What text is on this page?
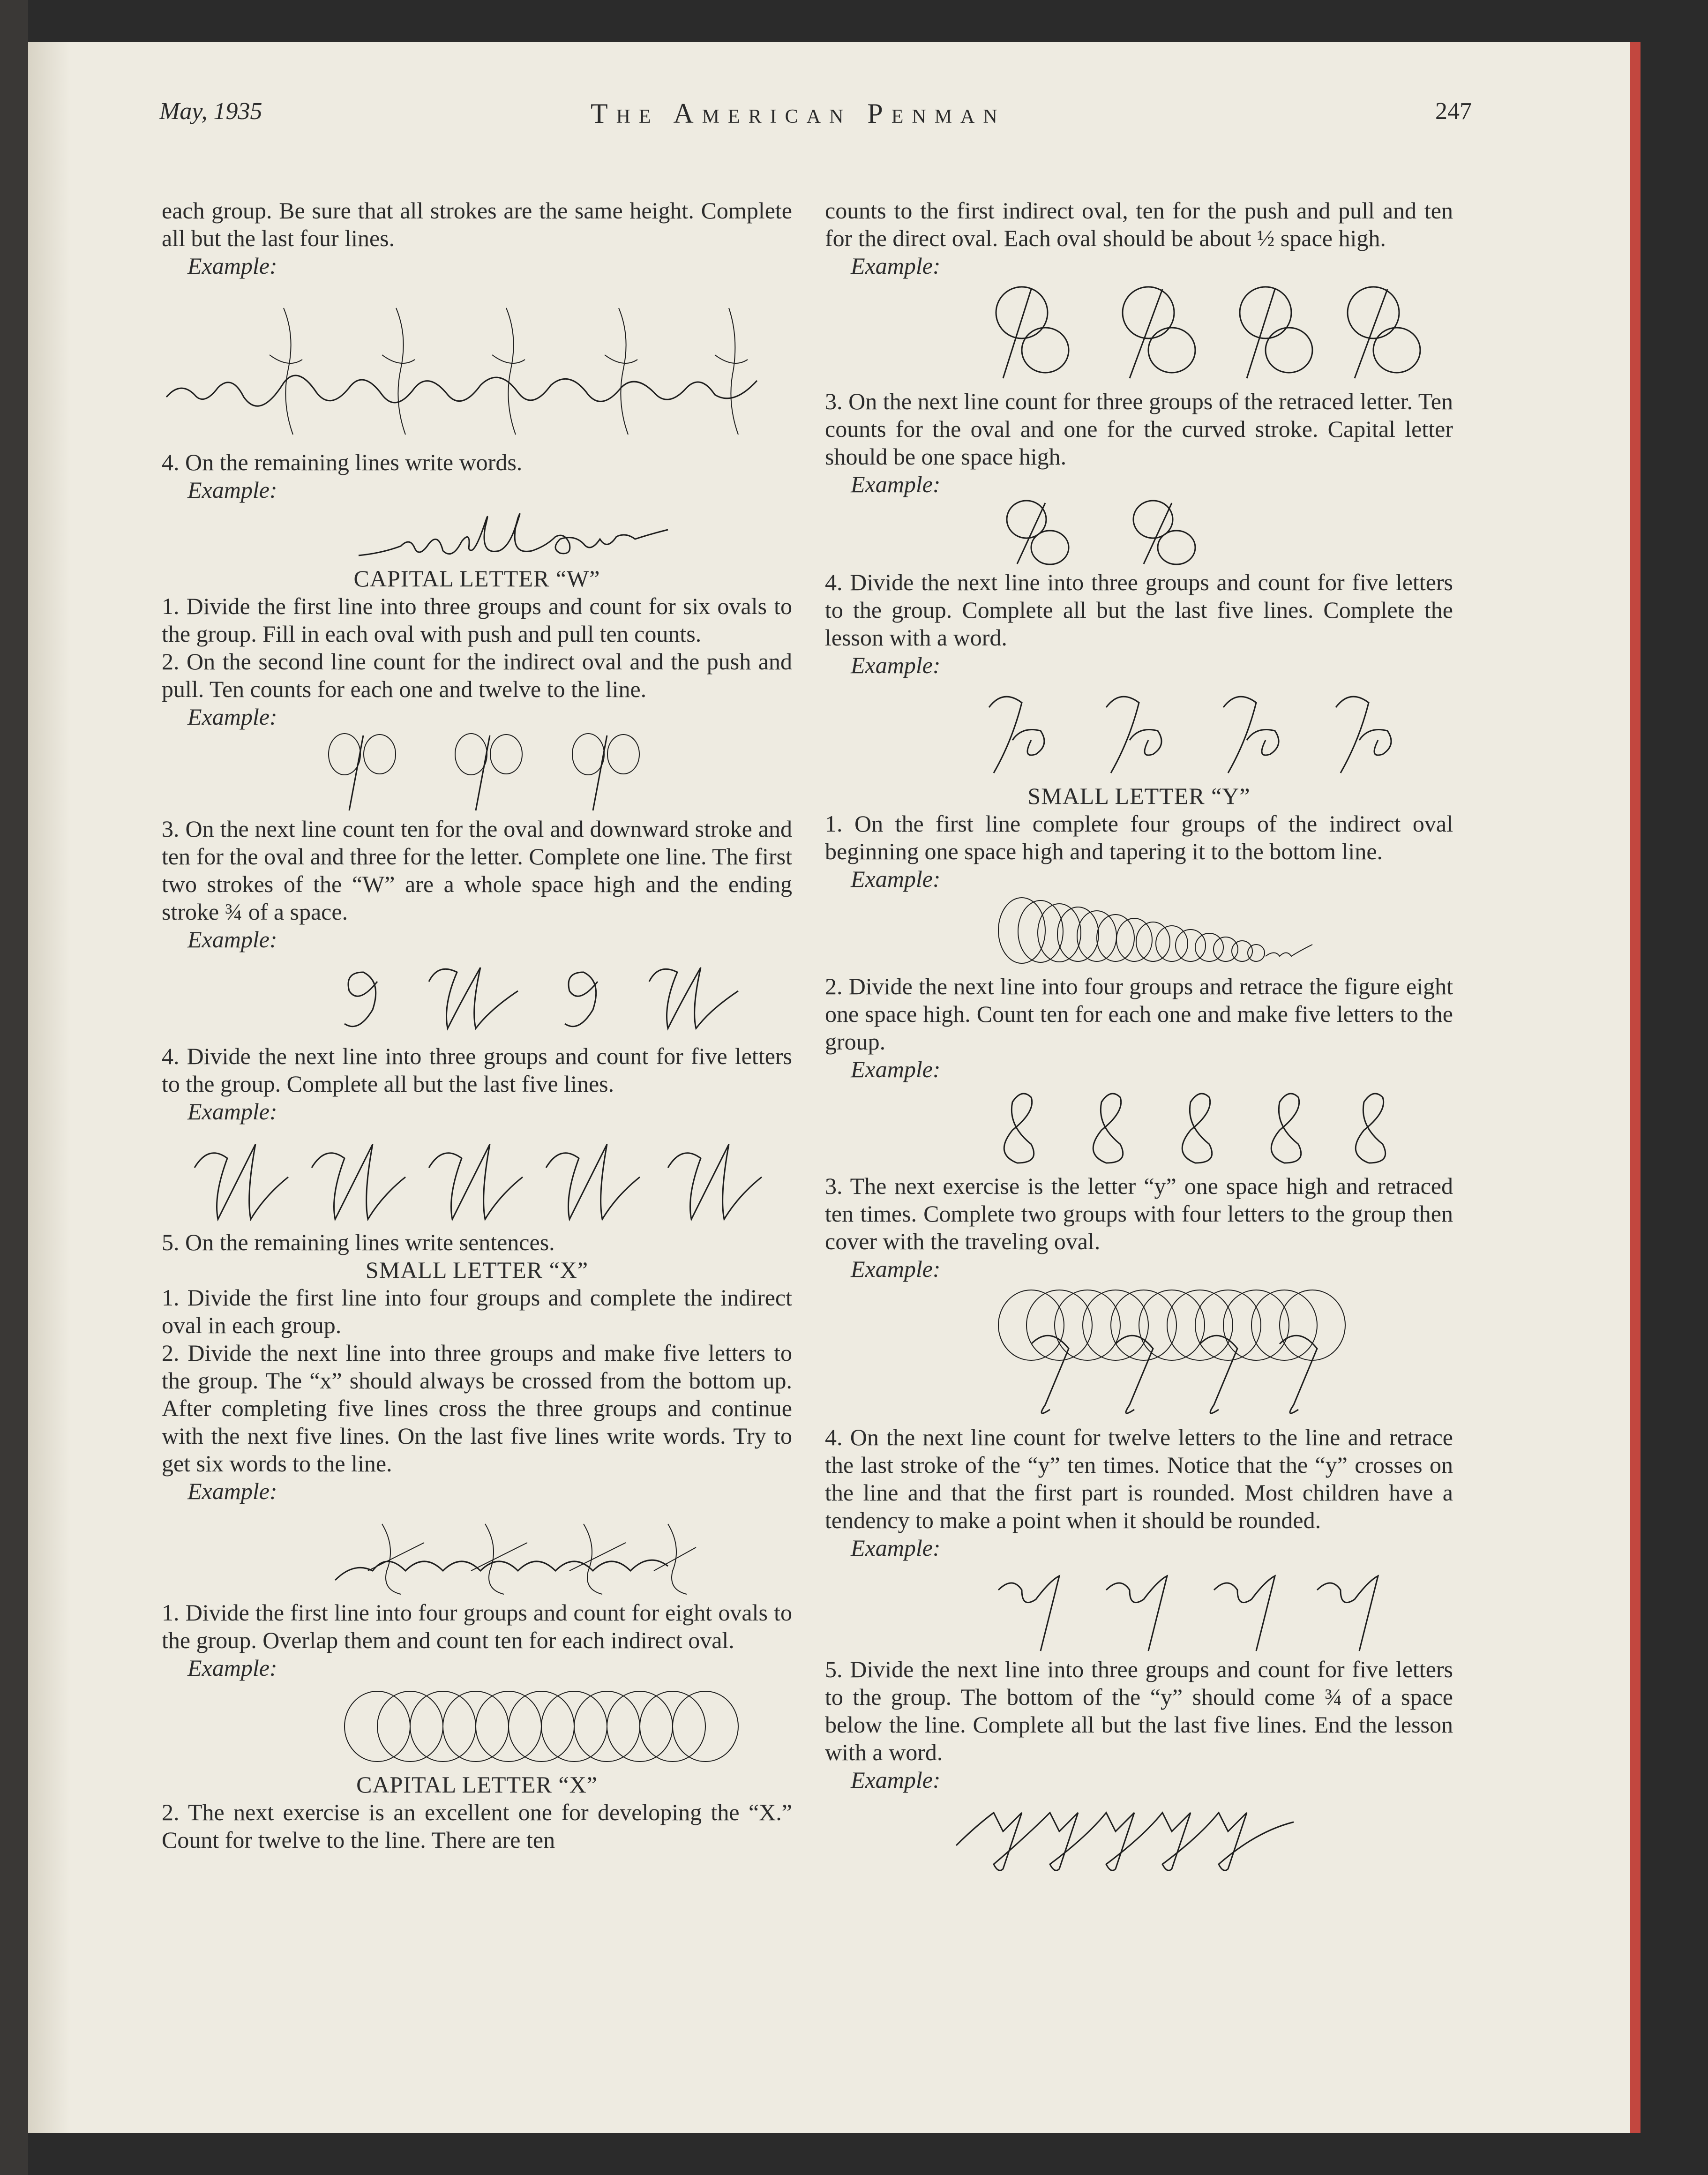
May, 1935	The American Penman	247

each group. Be sure that all strokes are the same height. Complete all but the last four lines.

Example:

4. On the remaining lines write words.

Example:

CAPITAL LETTER “W”

1. Divide the first line into three groups and count for six ovals to the group. Fill in each oval with push and pull ten counts.

2. On the second line count for the indirect oval and the push and pull. Ten counts for each one and twelve to the line.

Example:

3. On the next line count ten for the oval and downward stroke and ten for the oval and three for the letter. Complete one line. The first two strokes of the “W” are a whole space high and the ending stroke ¾ of a space.

Example:

4. Divide the next line into three groups and count for five letters to the group. Complete all but the last five lines.

Example:

5. On the remaining lines write sentences.

SMALL LETTER “X”

1. Divide the first line into four groups and complete the indirect oval in each group.

2. Divide the next line into three groups and make five letters to the group. The “x” should always be crossed from the bottom up. After completing five lines cross the three groups and continue with the next five lines. On the last five lines write words. Try to get six words to the line.

Example:

1. Divide the first line into four groups and count for eight ovals to the group. Overlap them and count ten for each indirect oval.

Example:

CAPITAL LETTER “X”

2. The next exercise is an excellent one for developing the “X.” Count for twelve to the line. There are ten

counts to the first indirect oval, ten for the push and pull and ten for the direct oval. Each oval should be about ½ space high.

Example:

3. On the next line count for three groups of the retraced letter. Ten counts for the oval and one for the curved stroke. Capital letter should be one space high.

Example:

4. Divide the next line into three groups and count for five letters to the group. Complete all but the last five lines. Complete the lesson with a word.

Example:

SMALL LETTER “Y”

1. On the first line complete four groups of the indirect oval beginning one space high and tapering it to the bottom line.

Example:

2. Divide the next line into four groups and retrace the figure eight one space high. Count ten for each one and make five letters to the group.

Example:

3. The next exercise is the letter “y” one space high and retraced ten times. Complete two groups with four letters to the group then cover with the traveling oval.

Example:

4. On the next line count for twelve letters to the line and retrace the last stroke of the “y” ten times. Notice that the “y” crosses on the line and that the first part is rounded. Most children have a tendency to make a point when it should be rounded.

Example:

5. Divide the next line into three groups and count for five letters to the group. The bottom of the “y” should come ¾ of a space below the line. Complete all but the last five lines. End the lesson with a word.

Example:
